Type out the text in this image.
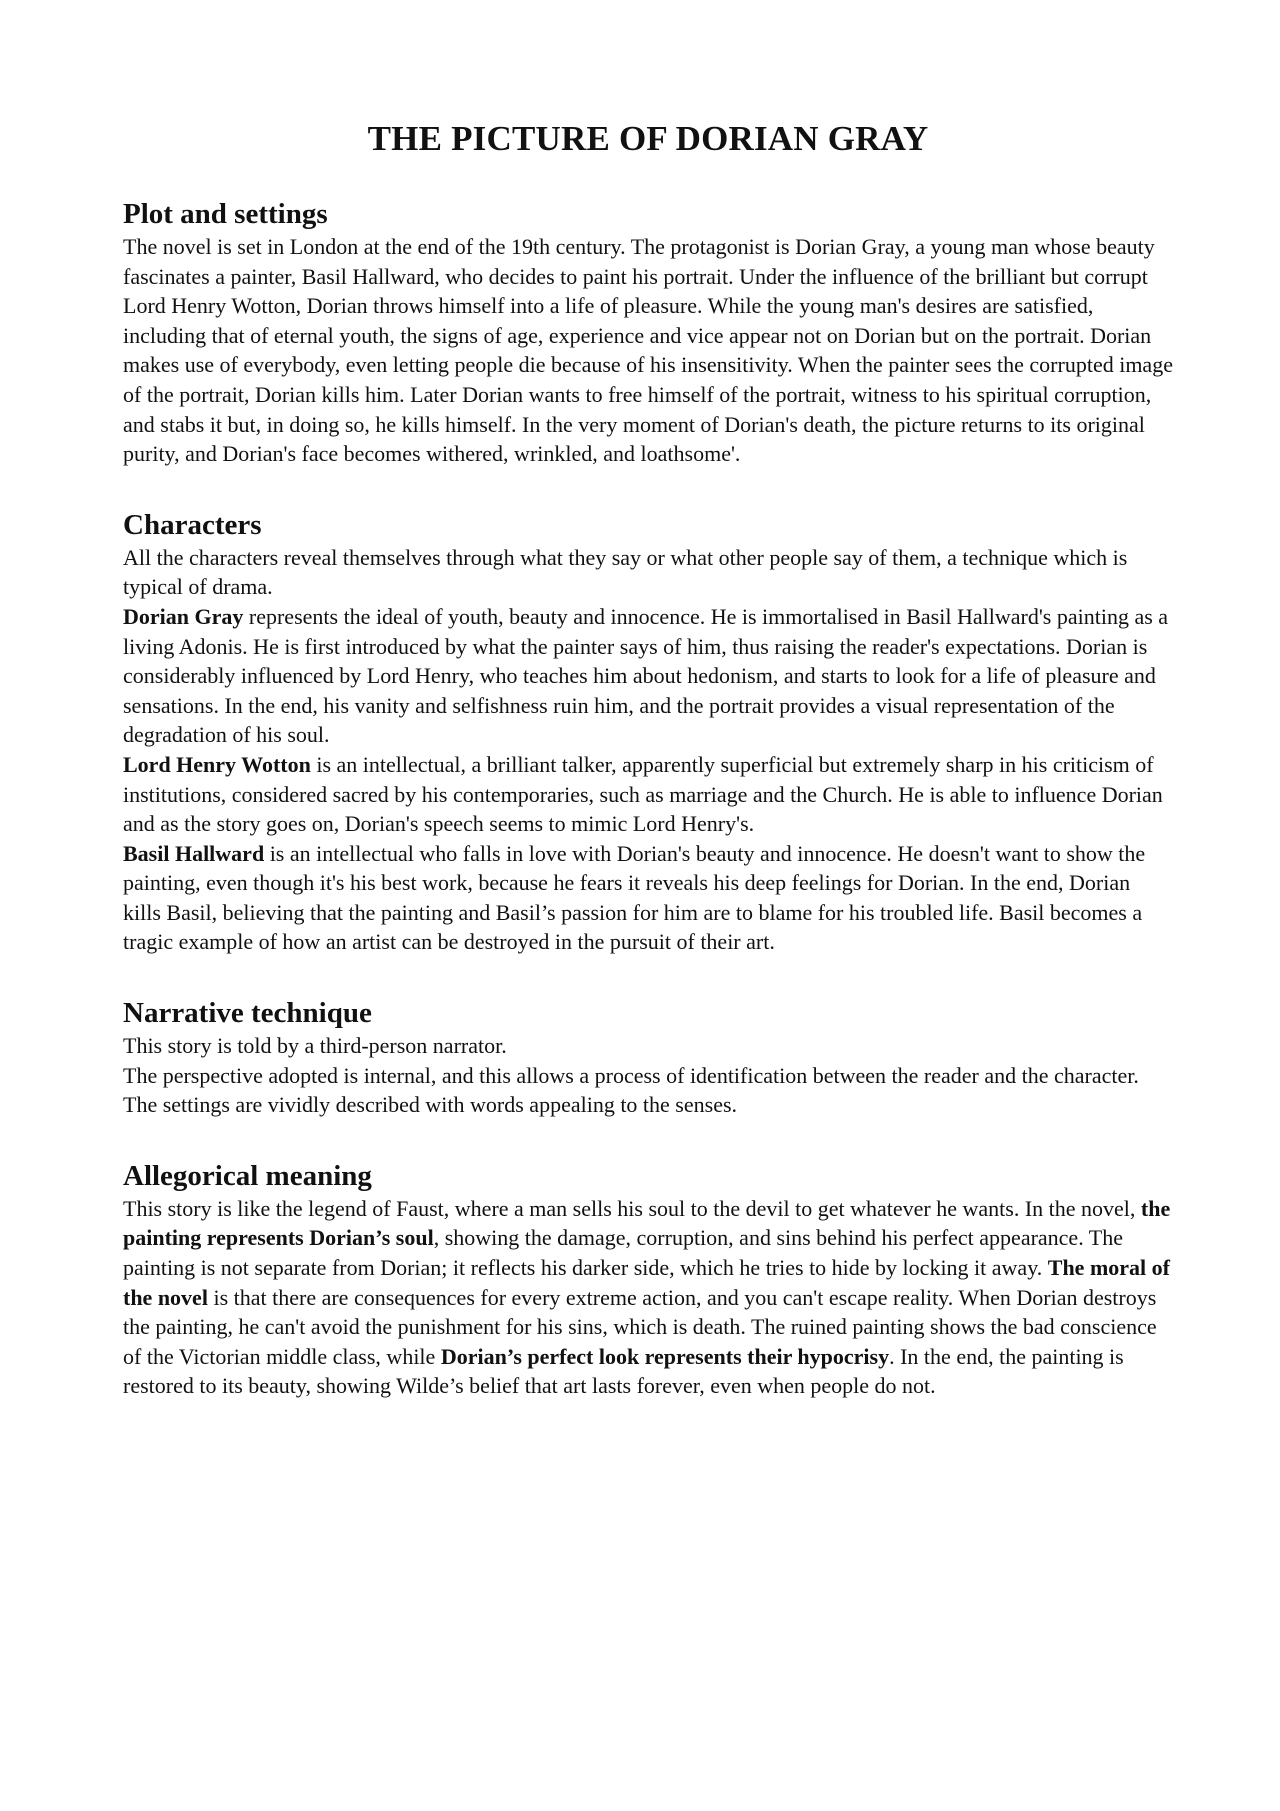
THE PICTURE OF DORIAN GRAY
Plot and settings

The novel is set in London at the end of the 19th century. The protagonist is Dorian Gray, a young man whose beauty fascinates a painter, Basil Hallward, who decides to paint his portrait. Under the influence of the brilliant but corrupt Lord Henry Wotton, Dorian throws himself into a life of pleasure. While the young man's desires are satisfied, including that of eternal youth, the signs of age, experience and vice appear not on Dorian but on the portrait. Dorian makes use of everybody, even letting people die because of his insensitivity. When the painter sees the corrupted image of the portrait, Dorian kills him. Later Dorian wants to free himself of the portrait, witness to his spiritual corruption, and stabs it but, in doing so, he kills himself. In the very moment of Dorian's death, the picture returns to its original purity, and Dorian's face becomes withered, wrinkled, and loathsome'.

Characters

All the characters reveal themselves through what they say or what other people say of them, a technique which is typical of drama.

Dorian Gray represents the ideal of youth, beauty and innocence. He is immortalised in Basil Hallward's painting as a living Adonis. He is first introduced by what the painter says of him, thus raising the reader's expectations. Dorian is considerably influenced by Lord Henry, who teaches him about hedonism, and starts to look for a life of pleasure and sensations. In the end, his vanity and selfishness ruin him, and the portrait provides a visual representation of the degradation of his soul.

Lord Henry Wotton is an intellectual, a brilliant talker, apparently superficial but extremely sharp in his criticism of institutions, considered sacred by his contemporaries, such as marriage and the Church. He is able to influence Dorian and as the story goes on, Dorian's speech seems to mimic Lord Henry's.

Basil Hallward is an intellectual who falls in love with Dorian's beauty and innocence. He doesn't want to show the painting, even though it's his best work, because he fears it reveals his deep feelings for Dorian. In the end, Dorian kills Basil, believing that the painting and Basil’s passion for him are to blame for his troubled life. Basil becomes a tragic example of how an artist can be destroyed in the pursuit of their art.

Narrative technique

This story is told by a third-person narrator.

The perspective adopted is internal, and this allows a process of identification between the reader and the character.

The settings are vividly described with words appealing to the senses.

Allegorical meaning

This story is like the legend of Faust, where a man sells his soul to the devil to get whatever he wants. In the novel, the painting represents Dorian’s soul, showing the damage, corruption, and sins behind his perfect appearance. The painting is not separate from Dorian; it reflects his darker side, which he tries to hide by locking it away. The moral of the novel is that there are consequences for every extreme action, and you can't escape reality. When Dorian destroys the painting, he can't avoid the punishment for his sins, which is death. The ruined painting shows the bad conscience of the Victorian middle class, while Dorian’s perfect look represents their hypocrisy. In the end, the painting is restored to its beauty, showing Wilde’s belief that art lasts forever, even when people do not.
